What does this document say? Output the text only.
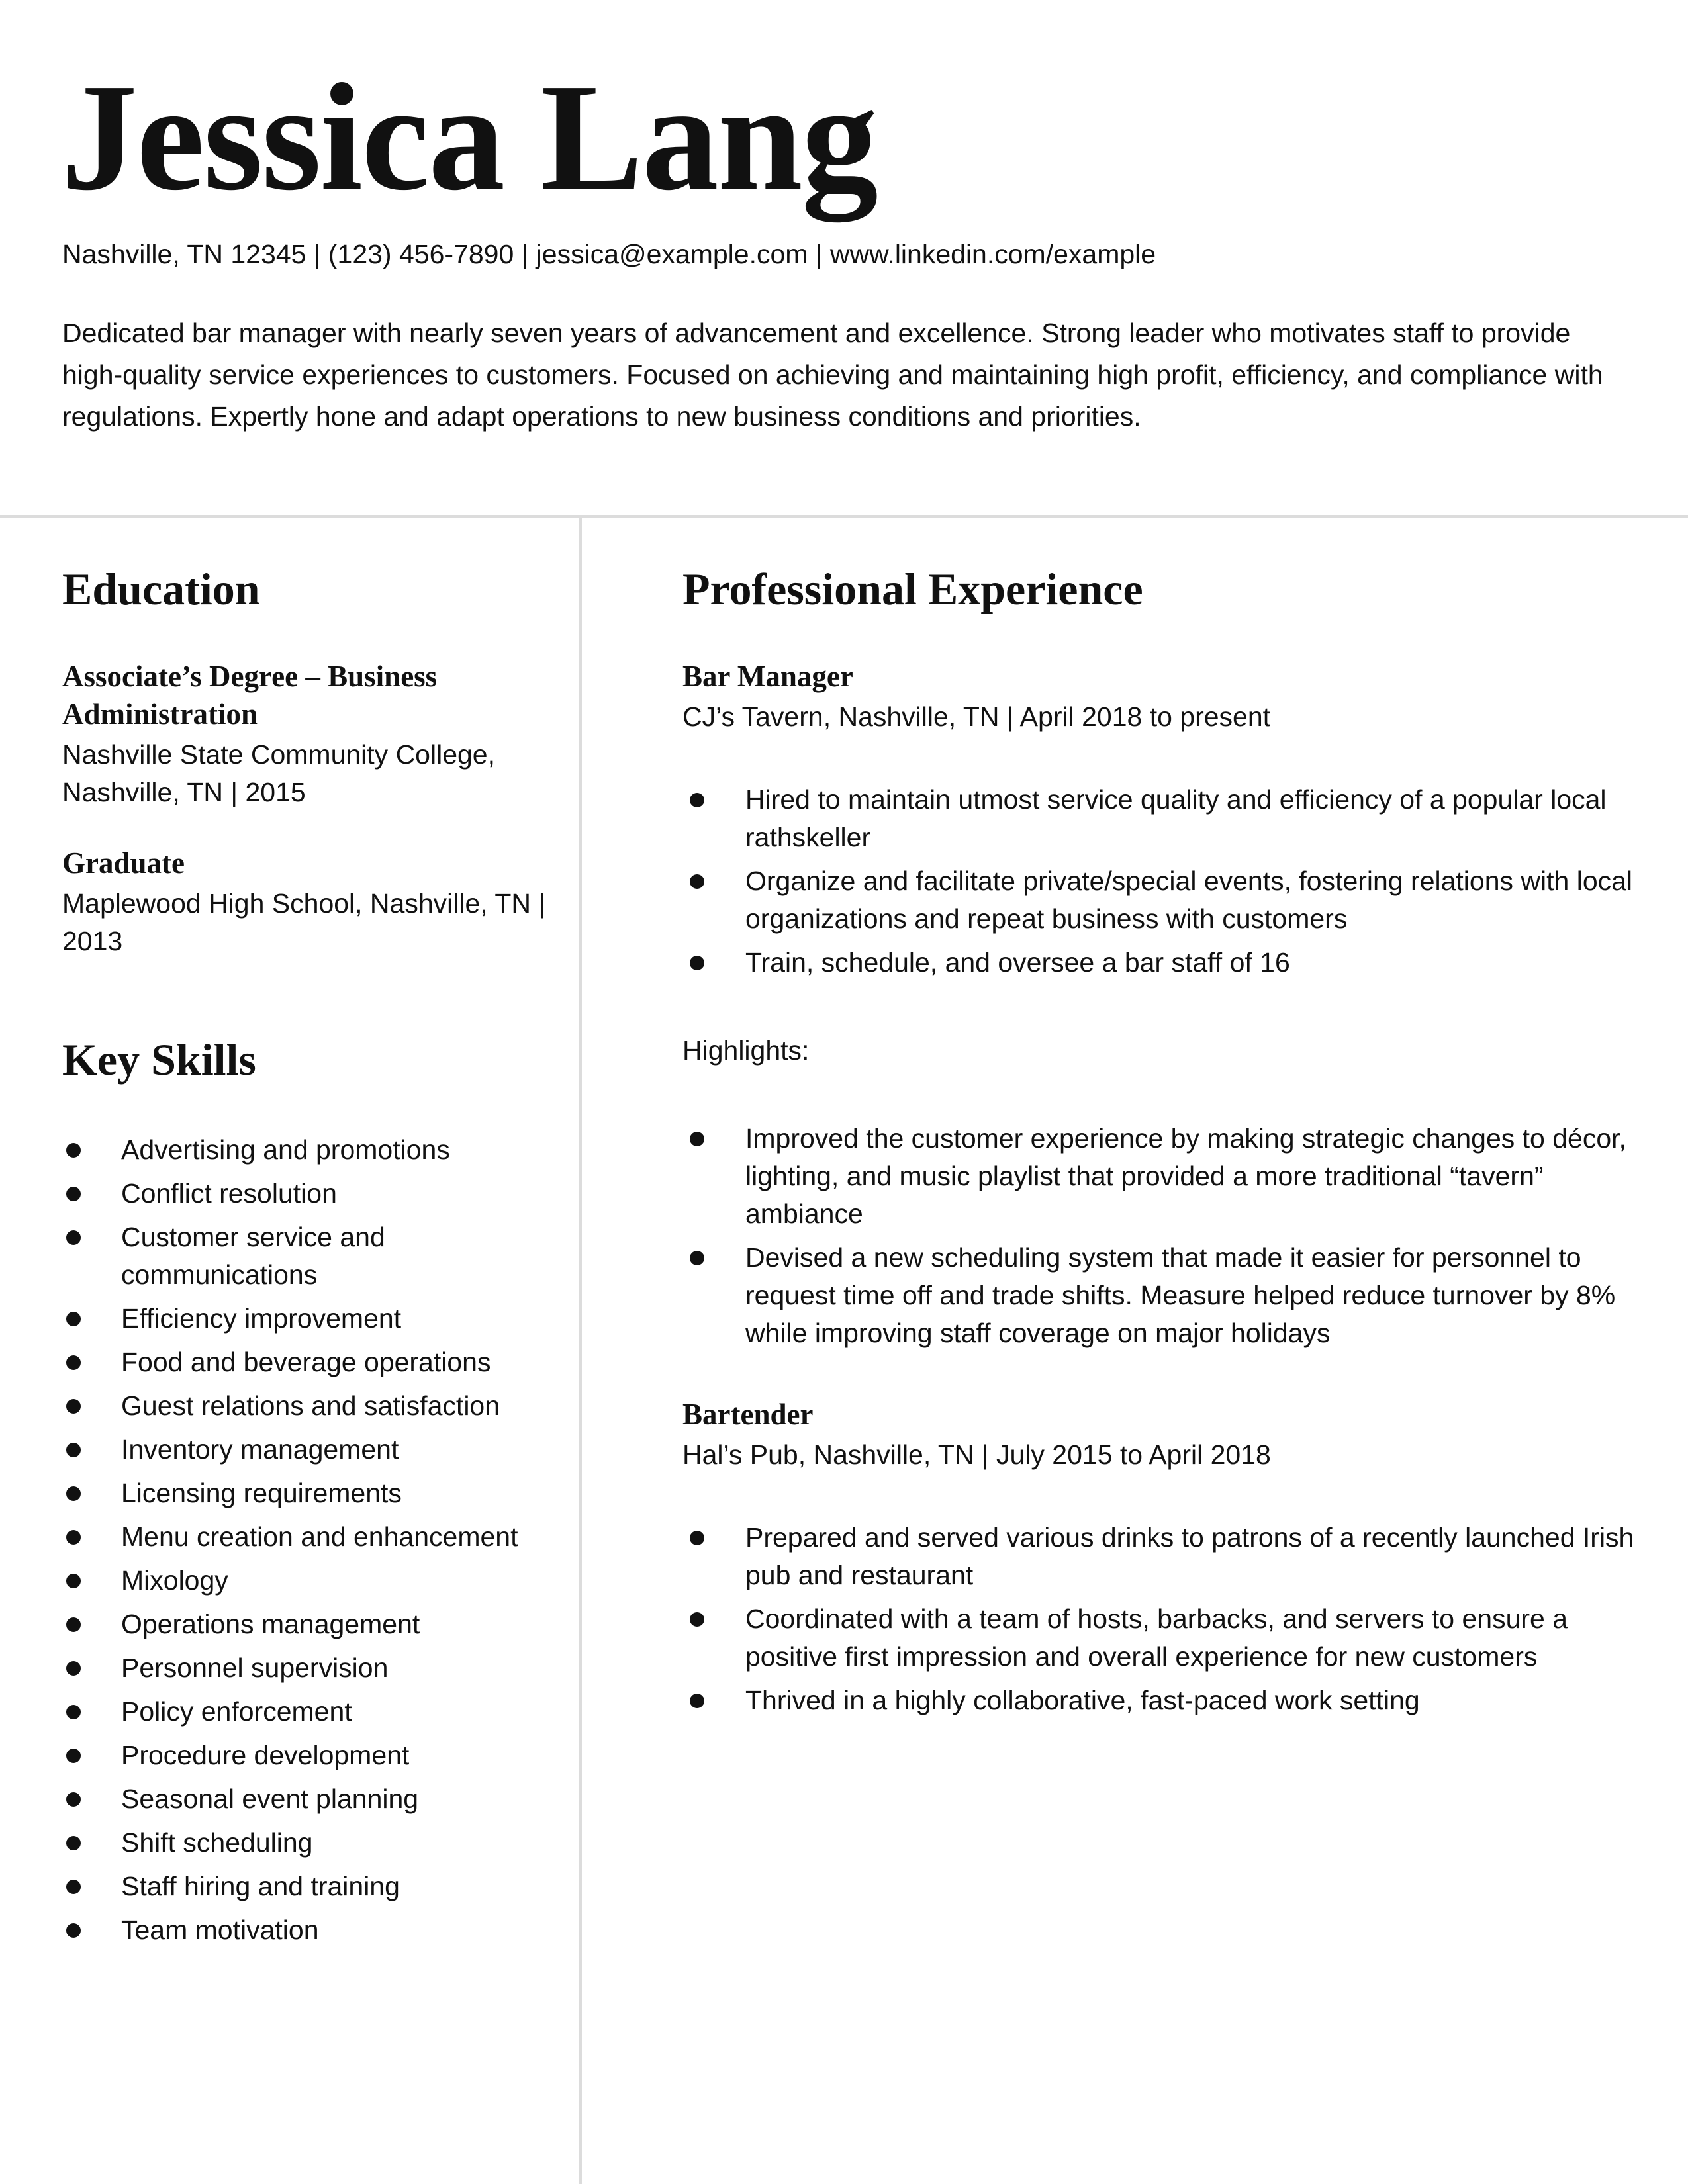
Jessica Lang

Nashville, TN 12345 | (123) 456-7890 | jessica@example.com | www.linkedin.com/example

Dedicated bar manager with nearly seven years of advancement and excellence. Strong leader who motivates staff to provide high-quality service experiences to customers. Focused on achieving and maintaining high profit, efficiency, and compliance with regulations. Expertly hone and adapt operations to new business conditions and priorities.

Education

Associate’s Degree – Business Administration

Nashville State Community College, Nashville, TN | 2015

Graduate

Maplewood High School, Nashville, TN | 2013

Key Skills
Advertising and promotions
Conflict resolution
Customer service and communications
Efficiency improvement
Food and beverage operations
Guest relations and satisfaction
Inventory management
Licensing requirements
Menu creation and enhancement
Mixology
Operations management
Personnel supervision
Policy enforcement
Procedure development
Seasonal event planning
Shift scheduling
Staff hiring and training
Team motivation
Professional Experience

Bar Manager

CJ’s Tavern, Nashville, TN | April 2018 to present

Hired to maintain utmost service quality and efficiency of a popular local rathskeller
Organize and facilitate private/special events, fostering relations with local organizations and repeat business with customers
Train, schedule, and oversee a bar staff of 16

Highlights:

Improved the customer experience by making strategic changes to décor, lighting, and music playlist that provided a more traditional “tavern” ambiance
Devised a new scheduling system that made it easier for personnel to request time off and trade shifts. Measure helped reduce turnover by 8% while improving staff coverage on major holidays

Bartender

Hal’s Pub, Nashville, TN | July 2015 to April 2018

Prepared and served various drinks to patrons of a recently launched Irish pub and restaurant
Coordinated with a team of hosts, barbacks, and servers to ensure a positive first impression and overall experience for new customers
Thrived in a highly collaborative, fast-paced work setting
